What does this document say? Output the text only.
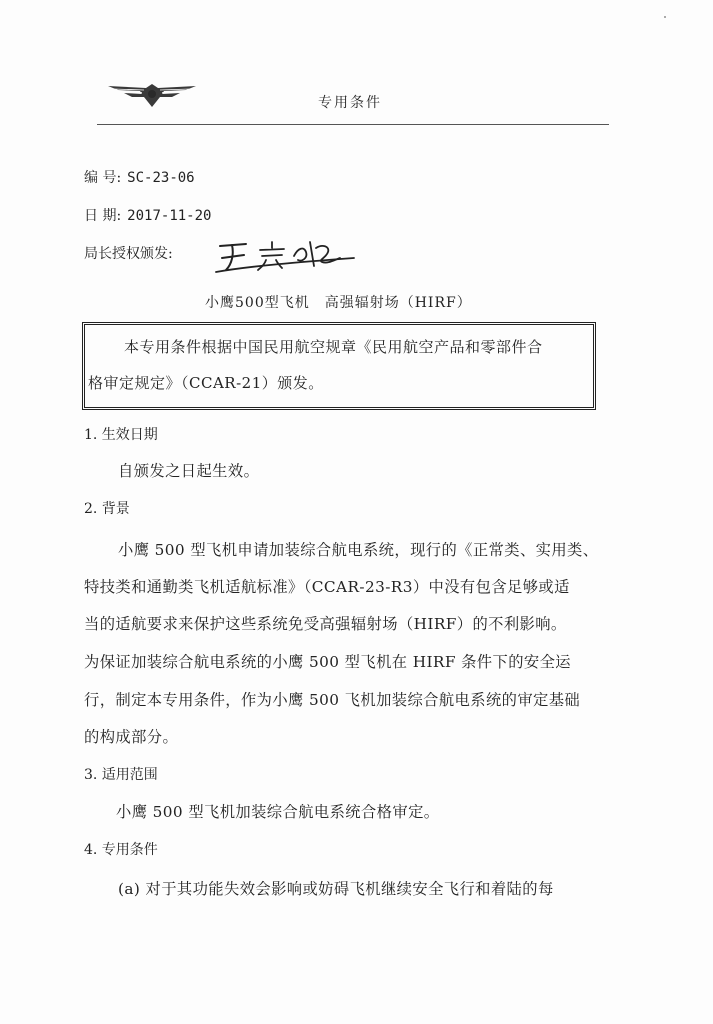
专用条件
编 号: SC-23-06
日 期: 2017-11-20
局长授权颁发:
小鹰500型飞机　高强辐射场（HIRF）
本专用条件根据中国民用航空规章《民用航空产品和零部件合
格审定规定》（CCAR-21）颁发。
1. 生效日期
自颁发之日起生效。
2. 背景
小鹰 500 型飞机申请加装综合航电系统，现行的《正常类、实用类、
特技类和通勤类飞机适航标准》（CCAR-23-R3）中没有包含足够或适
当的适航要求来保护这些系统免受高强辐射场（HIRF）的不利影响。
为保证加装综合航电系统的小鹰 500 型飞机在 HIRF 条件下的安全运
行，制定本专用条件，作为小鹰 500 飞机加装综合航电系统的审定基础
的构成部分。
3. 适用范围
小鹰 500 型飞机加装综合航电系统合格审定。
4. 专用条件
(a) 对于其功能失效会影响或妨碍飞机继续安全飞行和着陆的每
